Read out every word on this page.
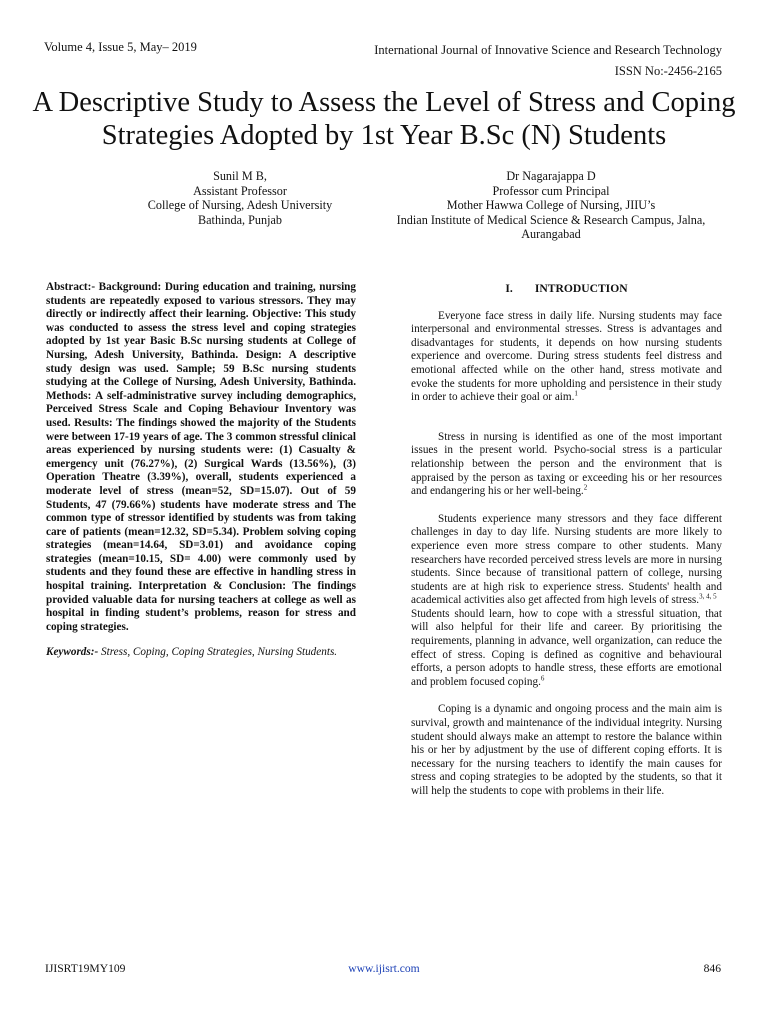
Volume 4, Issue 5, May– 2019	International Journal of Innovative Science and Research Technology
ISSN No:-2456-2165
A Descriptive Study to Assess the Level of Stress and Coping Strategies Adopted by 1st Year B.Sc (N) Students
Sunil M B,
Assistant Professor
College of Nursing, Adesh University
Bathinda, Punjab
Dr Nagarajappa D
Professor cum Principal
Mother Hawwa College of Nursing, JIIU’s
Indian Institute of Medical Science & Research Campus, Jalna,
Aurangabad

Abstract:- Background: During education and training, nursing students are repeatedly exposed to various stressors. They may directly or indirectly affect their learning. Objective: This study was conducted to assess the stress level and coping strategies adopted by 1st year Basic B.Sc nursing students at College of Nursing, Adesh University, Bathinda. Design: A descriptive study design was used. Sample; 59 B.Sc nursing students studying at the College of Nursing, Adesh University, Bathinda. Methods: A self-administrative survey including demographics, Perceived Stress Scale and Coping Behaviour Inventory was used. Results: The findings showed the majority of the Students were between 17-19 years of age. The 3 common stressful clinical areas experienced by nursing students were: (1) Casualty & emergency unit (76.27%), (2) Surgical Wards (13.56%), (3) Operation Theatre (3.39%), overall, students experienced a moderate level of stress (mean=52, SD=15.07). Out of 59 Students, 47 (79.66%) students have moderate stress and The common type of stressor identified by students was from taking care of patients (mean=12.32, SD=5.34). Problem solving coping strategies (mean=14.64, SD=3.01) and avoidance coping strategies (mean=10.15, SD= 4.00) were commonly used by students and they found these are effective in handling stress in hospital training. Interpretation & Conclusion: The findings provided valuable data for nursing teachers at college as well as hospital in finding student’s problems, reason for stress and coping strategies.

Keywords:- Stress, Coping, Coping Strategies, Nursing Students.

I. INTRODUCTION

Everyone face stress in daily life. Nursing students may face interpersonal and environmental stresses. Stress is advantages and disadvantages for students, it depends on how nursing students experience and overcome. During stress students feel distress and emotional affected while on the other hand, stress motivate and evoke the students for more upholding and persistence in their study in order to achieve their goal or aim.$^1$

Stress in nursing is identified as one of the most important issues in the present world. Psycho-social stress is a particular relationship between the person and the environment that is appraised by the person as taxing or exceeding his or her resources and endangering his or her well-being.$^2$

Students experience many stressors and they face different challenges in day to day life. Nursing students are more likely to experience even more stress compare to other students. Many researchers have recorded perceived stress levels are more in nursing students. Since because of transitional pattern of college, nursing students are at high risk to experience stress. Students' health and academical activities also get affected from high levels of stress.$^{3, 4, 5}$

Students should learn, how to cope with a stressful situation, that will also helpful for their life and career. By prioritising the requirements, planning in advance, well organization, can reduce the effect of stress. Coping is defined as cognitive and behavioural efforts, a person adopts to handle stress, these efforts are emotional and problem focused coping.$^6$

Coping is a dynamic and ongoing process and the main aim is survival, growth and maintenance of the individual integrity. Nursing student should always make an attempt to restore the balance within his or her by adjustment by the use of different coping efforts. It is necessary for the nursing teachers to identify the main causes for stress and coping strategies to be adopted by the students, so that it will help the students to cope with problems in their life.

IJISRT19MY109	www.ijisrt.com	846
